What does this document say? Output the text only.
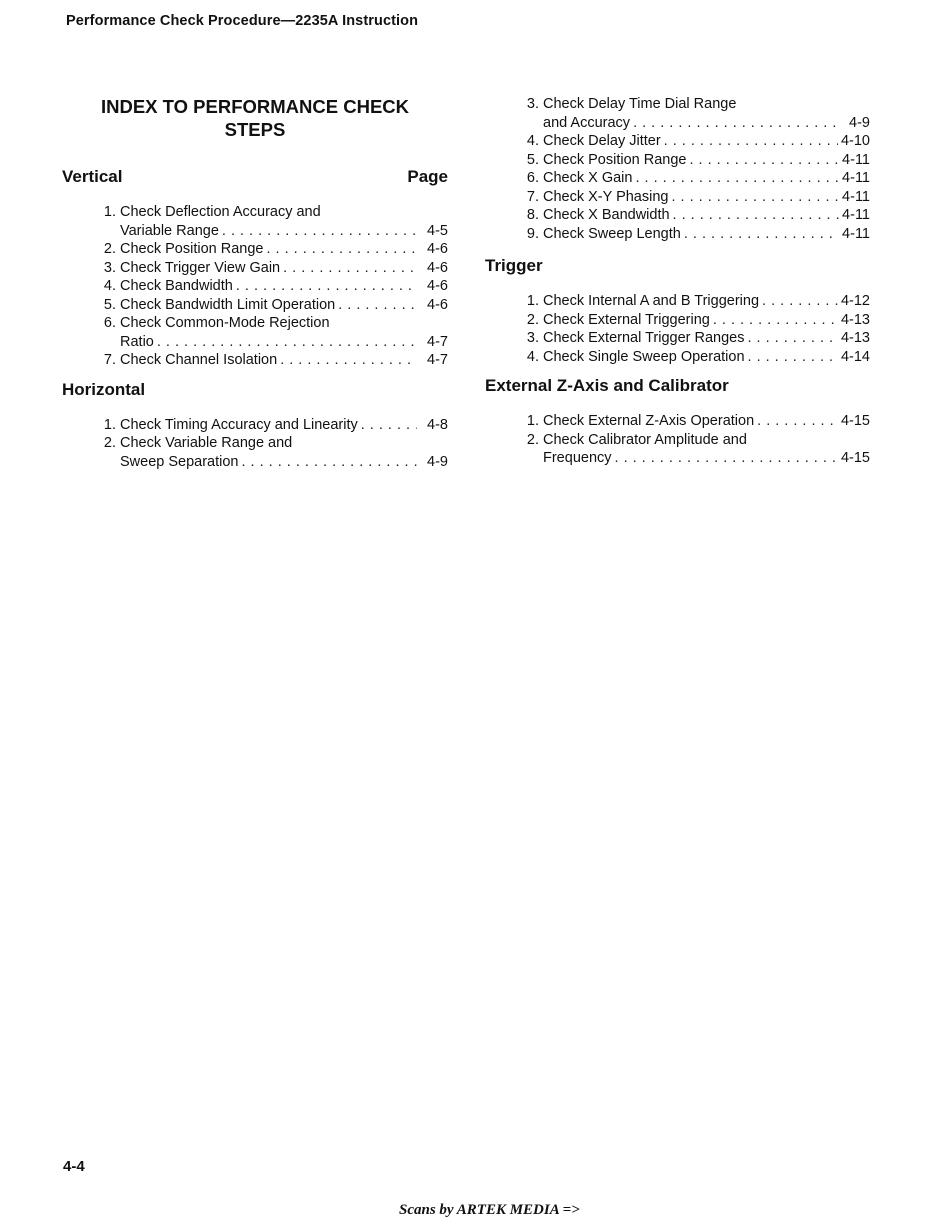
Performance Check Procedure—2235A Instruction
INDEX TO PERFORMANCE CHECK
STEPS
Vertical	Page
1. Check Deflection Accuracy and
Variable Range . . .	4-5
2. Check Position Range . . .	4-6
3. Check Trigger View Gain . . .	4-6
4. Check Bandwidth . . .	4-6
5. Check Bandwidth Limit Operation . . .	4-6
6. Check Common-Mode Rejection
Ratio . . .	4-7
7. Check Channel Isolation . . .	4-7
Horizontal
1. Check Timing Accuracy and Linearity . . .	4-8
2. Check Variable Range and
Sweep Separation . . .	4-9
3. Check Delay Time Dial Range
and Accuracy . . .	4-9
4. Check Delay Jitter . . .	4-10
5. Check Position Range . . .	4-11
6. Check X Gain . . .	4-11
7. Check X-Y Phasing . . .	4-11
8. Check X Bandwidth . . .	4-11
9. Check Sweep Length . . .	4-11
Trigger
1. Check Internal A and B Triggering . . .	4-12
2. Check External Triggering . . .	4-13
3. Check External Trigger Ranges . . .	4-13
4. Check Single Sweep Operation . . .	4-14
External Z-Axis and Calibrator
1. Check External Z-Axis Operation . . .	4-15
2. Check Calibrator Amplitude and
Frequency . . .	4-15
4-4
Scans by ARTEK MEDIA =>
